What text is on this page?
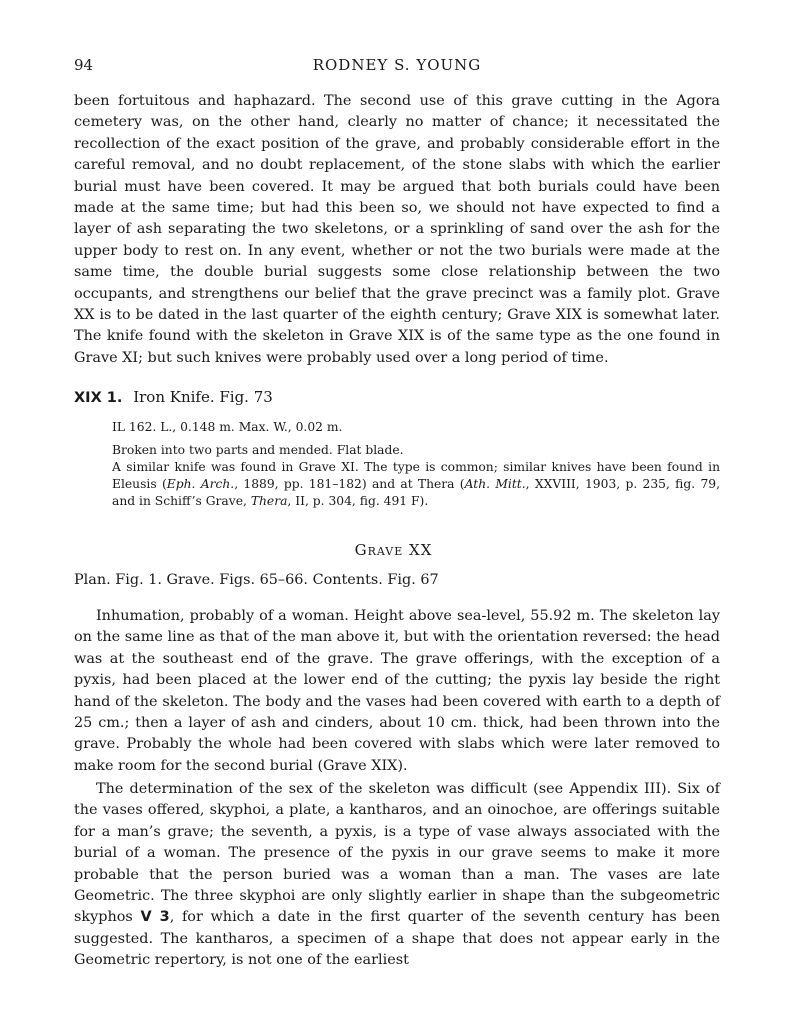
94	RODNEY S. YOUNG

been fortuitous and haphazard. The second use of this grave cutting in the Agora cemetery was, on the other hand, clearly no matter of chance; it necessitated the recollection of the exact position of the grave, and probably considerable effort in the careful removal, and no doubt replacement, of the stone slabs with which the earlier burial must have been covered. It may be argued that both burials could have been made at the same time; but had this been so, we should not have expected to find a layer of ash separating the two skeletons, or a sprinkling of sand over the ash for the upper body to rest on. In any event, whether or not the two burials were made at the same time, the double burial suggests some close relationship between the two occupants, and strengthens our belief that the grave precinct was a family plot. Grave XX is to be dated in the last quarter of the eighth century; Grave XIX is somewhat later. The knife found with the skeleton in Grave XIX is of the same type as the one found in Grave XI; but such knives were probably used over a long period of time.

XIX 1. Iron Knife. Fig. 73

IL 162. L., 0.148 m. Max. W., 0.02 m.

Broken into two parts and mended. Flat blade.

A similar knife was found in Grave XI. The type is common; similar knives have been found in Eleusis (Eph. Arch., 1889, pp. 181–182) and at Thera (Ath. Mitt., XXVIII, 1903, p. 235, fig. 79, and in Schiff’s Grave, Thera, II, p. 304, fig. 491 F).

Grave XX
Plan. Fig. 1. Grave. Figs. 65–66. Contents. Fig. 67

Inhumation, probably of a woman. Height above sea-level, 55.92 m. The skeleton lay on the same line as that of the man above it, but with the orientation reversed: the head was at the southeast end of the grave. The grave offerings, with the exception of a pyxis, had been placed at the lower end of the cutting; the pyxis lay beside the right hand of the skeleton. The body and the vases had been covered with earth to a depth of 25 cm.; then a layer of ash and cinders, about 10 cm. thick, had been thrown into the grave. Probably the whole had been covered with slabs which were later removed to make room for the second burial (Grave XIX).

The determination of the sex of the skeleton was difficult (see Appendix III). Six of the vases offered, skyphoi, a plate, a kantharos, and an oinochoe, are offerings suitable for a man’s grave; the seventh, a pyxis, is a type of vase always associated with the burial of a woman. The presence of the pyxis in our grave seems to make it more probable that the person buried was a woman than a man. The vases are late Geometric. The three skyphoi are only slightly earlier in shape than the subgeometric skyphos V 3, for which a date in the first quarter of the seventh century has been suggested. The kantharos, a specimen of a shape that does not appear early in the Geometric repertory, is not one of the earliest
